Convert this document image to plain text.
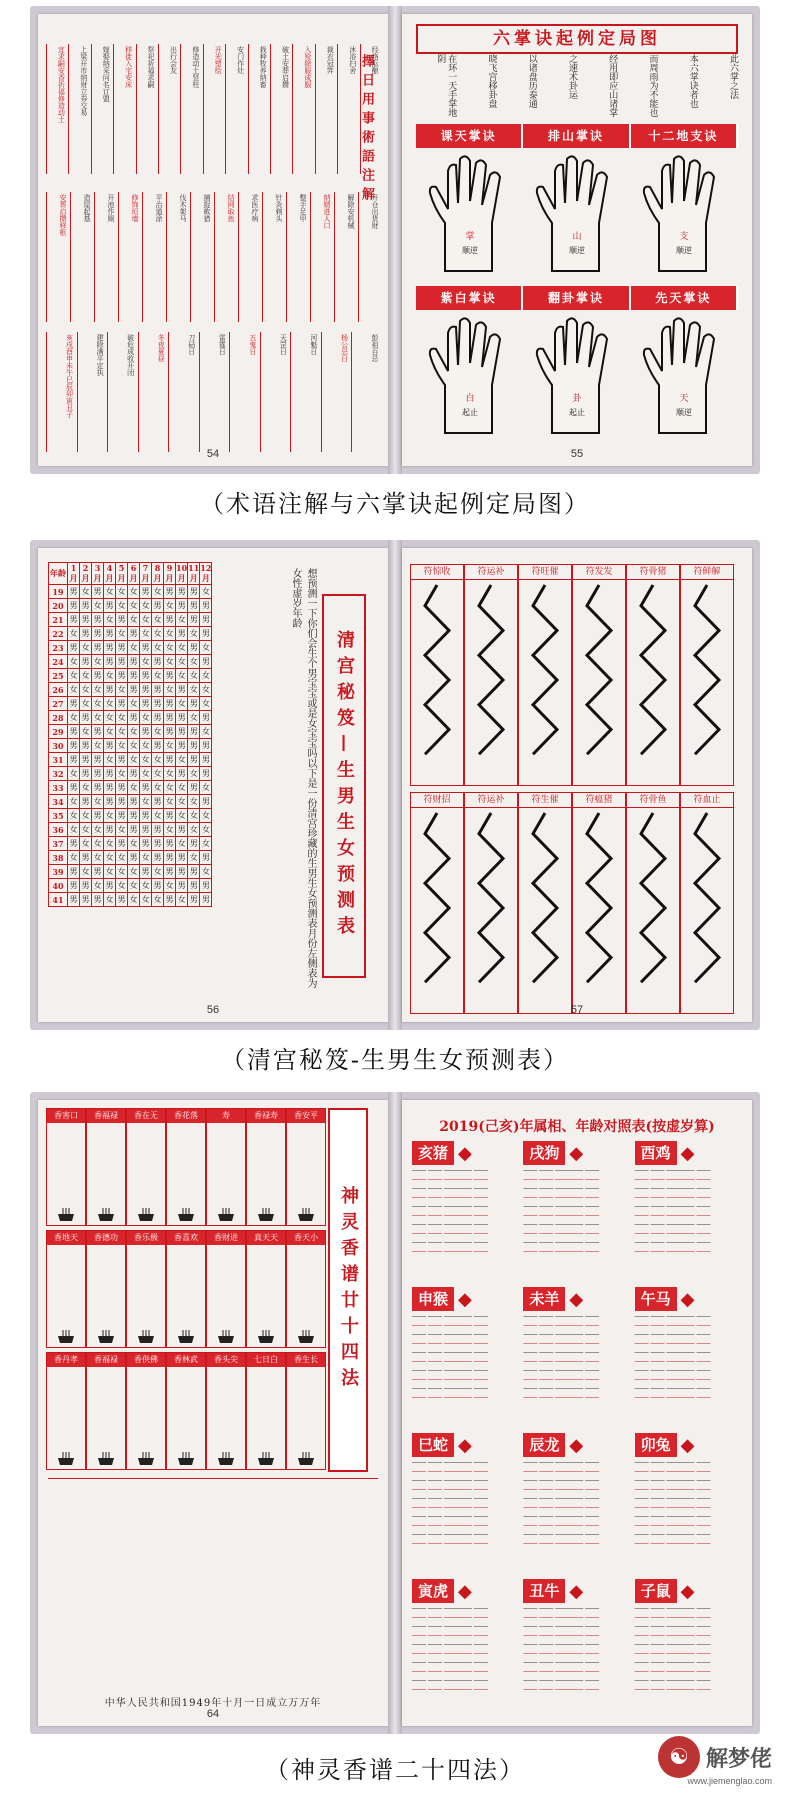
宜求嗣安香祈福修造动土	上梁开市纳财立券交易	嫁娶纳采问名订盟	移徙入宅安床	祭祀祈福求嗣	出行会友	修造动土竖柱	开光塑绘	安门作灶	栽种牧养纳畜	破土安葬启攒	入殓除服成服	裁衣冠笄	沐浴扫舍	经络酝酿
安葬启攒移柩	造屋起基	开池作厕	修饰垣墙	平治道涂	伐木架马	捕捉畋猎	结网取鱼	求医疗病	针灸剃头	整手足甲	纳婿进人口	解除安机械	开仓出货财
亥戌酉申未午巳辰卯寅丑子	建除满平定执	破危成收开闭	冬夜夏昼	刀砧日	雷霆日	五鬼日	天罡日	河魁日	杨公忌日	彭祖百忌
擇日用事術語注解
54
六掌诀起例定局图
在环一天手掌地阴	晓飞宫移卦盘	以诸盘历泰通	之速术卦运	经用即应山诸掌	而周雨为不能也	本六掌诀者也	此六掌之法
课天掌诀	排山掌诀	十二地支诀
掌
顺逆
山
顺逆
支
顺逆
紫白掌诀	翻卦掌诀	先天掌诀
白
起止
卦
起止
天
顺逆
55
（术语注解与六掌诀起例定局图）
年龄	1月	2月	3月	4月	5月	6月	7月	8月	9月	10月	11月	12月
19	男	女	男	女	女	女	男	女	男	男	男	女
20	男	男	女	男	女	女	女	男	女	男	男	男
21	男	男	男	女	男	女	女	女	男	女	男	男
22	女	男	男	男	女	男	女	女	女	男	女	男
23	男	女	男	男	男	女	男	女	女	女	男	女
24	女	男	女	男	男	男	女	男	女	女	女	男
25	女	女	男	女	男	男	男	女	男	女	女	女
26	女	女	女	男	女	男	男	男	女	男	女	女
27	男	女	女	女	男	女	男	男	男	女	男	女
28	女	男	女	女	女	男	女	男	男	男	女	男
29	男	女	男	女	女	女	男	女	男	男	男	女
30	男	男	女	男	女	女	女	男	女	男	男	男
31	男	男	男	女	男	女	女	女	男	女	男	男
32	女	男	男	男	女	男	女	女	女	男	女	男
33	男	女	男	男	男	女	男	女	女	女	男	女
34	女	男	女	男	男	男	女	男	女	女	女	男
35	女	女	男	女	男	男	男	女	男	女	女	女
36	女	女	女	男	女	男	男	男	女	男	女	女
37	男	女	女	女	男	女	男	男	男	女	男	女
38	女	男	女	女	女	男	女	男	男	男	女	男
39	男	女	男	女	女	女	男	女	男	男	男	女
40	男	男	女	男	女	女	女	男	女	男	男	男
41	男	男	男	女	男	女	女	女	男	女	男	男	清宫秘笈—生男生女预测表
想预测一下你们会生个男宝宝或是女宝宝吗以下是一份清宫珍藏的生男生女预测表月份左侧表为女性虚岁年龄
56
符惊收	符运补	符旺催	符发发	符骨猪	符鲜解
符财招	符运补	符生催	符瘟猪	符骨鱼	符血止
57
（清宫秘笈-生男生女预测表）
香害口	香福禄	香在无	香花落	寿	香禄寿	香安平
香地天	香德功	香乐极	香喜欢	香财进	真天天	香天小
香丹孝	香福禄	香供佛	香林武	香头尖	七日白	香生长	神灵香谱廿十四法
中华人民共和国1949年十月一日成立万万年
64
2019(己亥)年属相、年龄对照表(按虚岁算)
亥猪 ◆
—— —— ———— ——
—— —— ———— ——
—— —— ———— ——
—— —— ———— ——
—— —— ———— ——
—— —— ———— ——
—— —— ———— ——
—— —— ———— ——
—— —— ———— ——
—— —— ———— ——
戌狗 ◆
—— —— ———— ——
—— —— ———— ——
—— —— ———— ——
—— —— ———— ——
—— —— ———— ——
—— —— ———— ——
—— —— ———— ——
—— —— ———— ——
—— —— ———— ——
—— —— ———— ——
酉鸡 ◆
—— —— ———— ——
—— —— ———— ——
—— —— ———— ——
—— —— ———— ——
—— —— ———— ——
—— —— ———— ——
—— —— ———— ——
—— —— ———— ——
—— —— ———— ——
—— —— ———— ——
申猴 ◆
—— —— ———— ——
—— —— ———— ——
—— —— ———— ——
—— —— ———— ——
—— —— ———— ——
—— —— ———— ——
—— —— ———— ——
—— —— ———— ——
—— —— ———— ——
—— —— ———— ——
未羊 ◆
—— —— ———— ——
—— —— ———— ——
—— —— ———— ——
—— —— ———— ——
—— —— ———— ——
—— —— ———— ——
—— —— ———— ——
—— —— ———— ——
—— —— ———— ——
—— —— ———— ——
午马 ◆
—— —— ———— ——
—— —— ———— ——
—— —— ———— ——
—— —— ———— ——
—— —— ———— ——
—— —— ———— ——
—— —— ———— ——
—— —— ———— ——
—— —— ———— ——
—— —— ———— ——
巳蛇 ◆
—— —— ———— ——
—— —— ———— ——
—— —— ———— ——
—— —— ———— ——
—— —— ———— ——
—— —— ———— ——
—— —— ———— ——
—— —— ———— ——
—— —— ———— ——
—— —— ———— ——
辰龙 ◆
—— —— ———— ——
—— —— ———— ——
—— —— ———— ——
—— —— ———— ——
—— —— ———— ——
—— —— ———— ——
—— —— ———— ——
—— —— ———— ——
—— —— ———— ——
—— —— ———— ——
卯兔 ◆
—— —— ———— ——
—— —— ———— ——
—— —— ———— ——
—— —— ———— ——
—— —— ———— ——
—— —— ———— ——
—— —— ———— ——
—— —— ———— ——
—— —— ———— ——
—— —— ———— ——
寅虎 ◆
—— —— ———— ——
—— —— ———— ——
—— —— ———— ——
—— —— ———— ——
—— —— ———— ——
—— —— ———— ——
—— —— ———— ——
—— —— ———— ——
—— —— ———— ——
—— —— ———— ——
丑牛 ◆
—— —— ———— ——
—— —— ———— ——
—— —— ———— ——
—— —— ———— ——
—— —— ———— ——
—— —— ———— ——
—— —— ———— ——
—— —— ———— ——
—— —— ———— ——
—— —— ———— ——
子鼠 ◆
—— —— ———— ——
—— —— ———— ——
—— —— ———— ——
—— —— ———— ——
—— —— ———— ——
—— —— ———— ——
—— —— ———— ——
—— —— ———— ——
—— —— ———— ——
—— —— ———— ——
（神灵香谱二十四法）	☯ 解梦佬
www.jiemenglao.com
